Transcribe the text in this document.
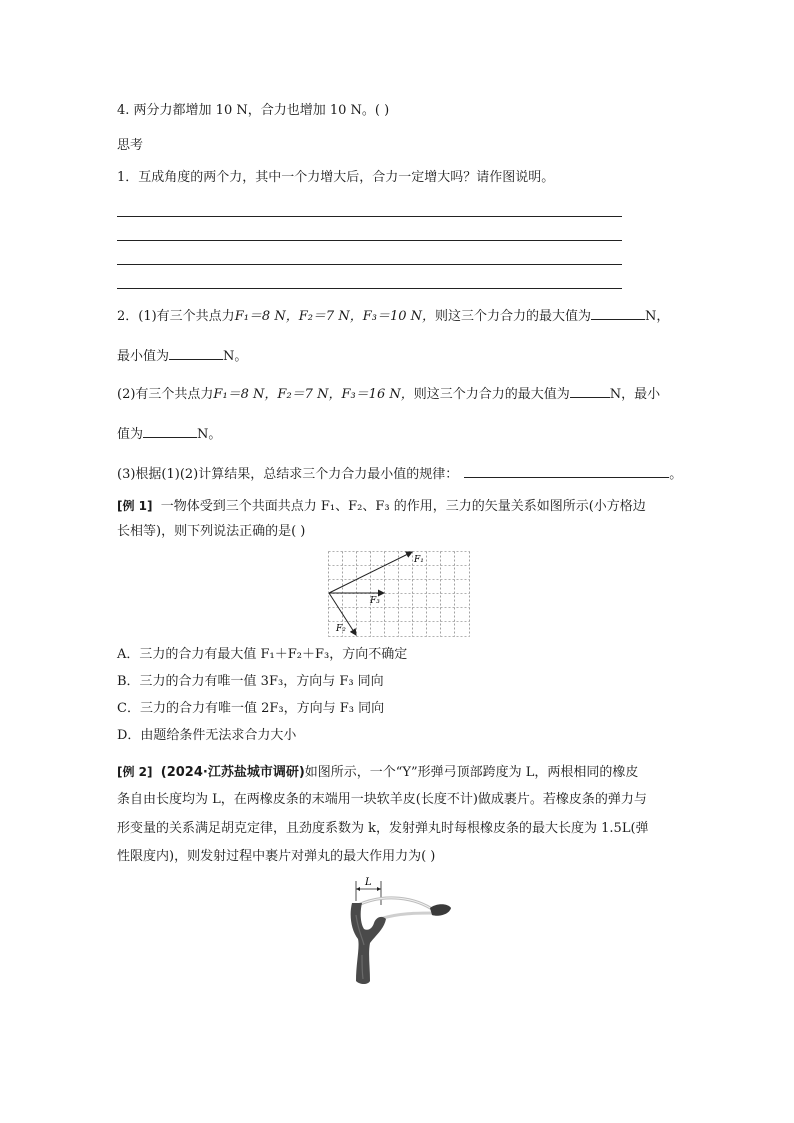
4. 两分力都增加 10 N，合力也增加 10 N。( )
思考
1．互成角度的两个力，其中一个力增大后，合力一定增大吗？请作图说明。
2．(1)有三个共点力F₁＝8 N，F₂＝7 N，F₃＝10 N，则这三个力合力的最大值为	N，
最小值为	N。
(2)有三个共点力F₁＝8 N，F₂＝7 N，F₃＝16 N，则这三个力合力的最大值为	N，最小
值为	N。
(3)根据(1)(2)计算结果，总结求三个力合力最小值的规律：	。
[例 1] 一物体受到三个共面共点力 F₁、F₂、F₃ 的作用，三力的矢量关系如图所示(小方格边
长相等)，则下列说法正确的是( )
F₁
F₃
F₂
A．三力的合力有最大值 F₁＋F₂＋F₃，方向不确定
B．三力的合力有唯一值 3F₃，方向与 F₃ 同向
C．三力的合力有唯一值 2F₃，方向与 F₃ 同向
D．由题给条件无法求合力大小
[例 2] (2024·江苏盐城市调研)如图所示，一个“Y”形弹弓顶部跨度为 L，两根相同的橡皮
条自由长度均为 L，在两橡皮条的末端用一块软羊皮(长度不计)做成裹片。若橡皮条的弹力与
形变量的关系满足胡克定律，且劲度系数为 k，发射弹丸时每根橡皮条的最大长度为 1.5L(弹
性限度内)，则发射过程中裹片对弹丸的最大作用力为( )
L
